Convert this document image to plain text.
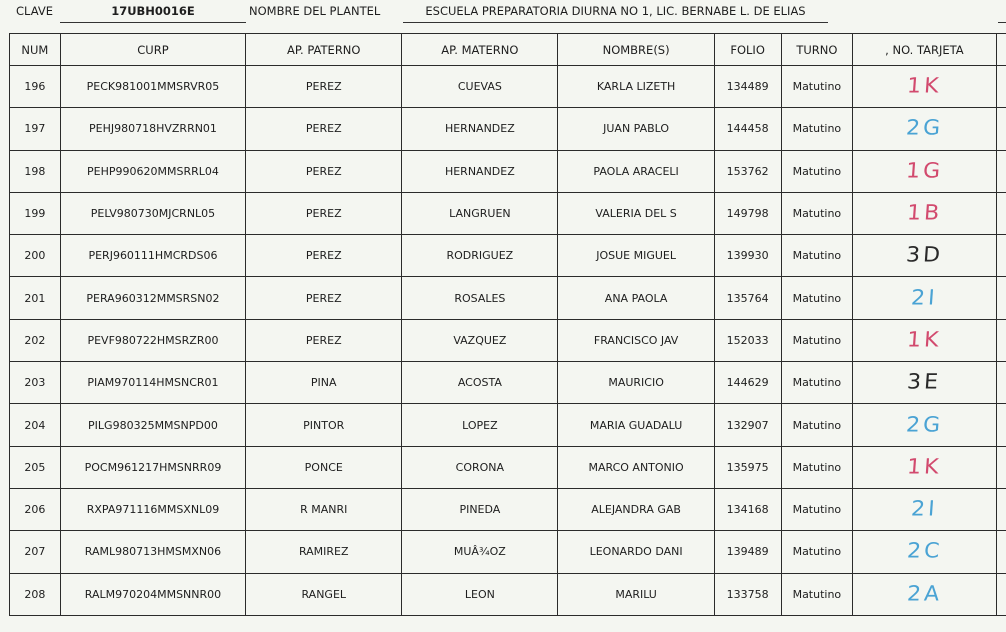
CLAVE	17UBH0016E	NOMBRE DEL PLANTEL	ESCUELA PREPARATORIA DIURNA NO 1, LIC. BERNABE L. DE ELIAS
NUM	CURP	AP. PATERNO	AP. MATERNO	NOMBRE(S)	FOLIO	TURNO	, NO. TARJETA	
196	PECK981001MMSRVR05	PEREZ	CUEVAS	KARLA LIZETH	134489	Matutino	1K	
197	PEHJ980718HVZRRN01	PEREZ	HERNANDEZ	JUAN PABLO	144458	Matutino	2G	
198	PEHP990620MMSRRL04	PEREZ	HERNANDEZ	PAOLA ARACELI	153762	Matutino	1G	
199	PELV980730MJCRNL05	PEREZ	LANGRUEN	VALERIA DEL S	149798	Matutino	1B	
200	PERJ960111HMCRDS06	PEREZ	RODRIGUEZ	JOSUE MIGUEL	139930	Matutino	3D	
201	PERA960312MMSRSN02	PEREZ	ROSALES	ANA PAOLA	135764	Matutino	2I	
202	PEVF980722HMSRZR00	PEREZ	VAZQUEZ	FRANCISCO JAV	152033	Matutino	1K	
203	PIAM970114HMSNCR01	PINA	ACOSTA	MAURICIO	144629	Matutino	3E	
204	PILG980325MMSNPD00	PINTOR	LOPEZ	MARIA GUADALU	132907	Matutino	2G	
205	POCM961217HMSNRR09	PONCE	CORONA	MARCO ANTONIO	135975	Matutino	1K	
206	RXPA971116MMSXNL09	R MANRI	PINEDA	ALEJANDRA GAB	134168	Matutino	2I	
207	RAML980713HMSMXN06	RAMIREZ	MUÂ¾OZ	LEONARDO DANI	139489	Matutino	2C	
208	RALM970204MMSNNR00	RANGEL	LEON	MARILU	133758	Matutino	2A	
